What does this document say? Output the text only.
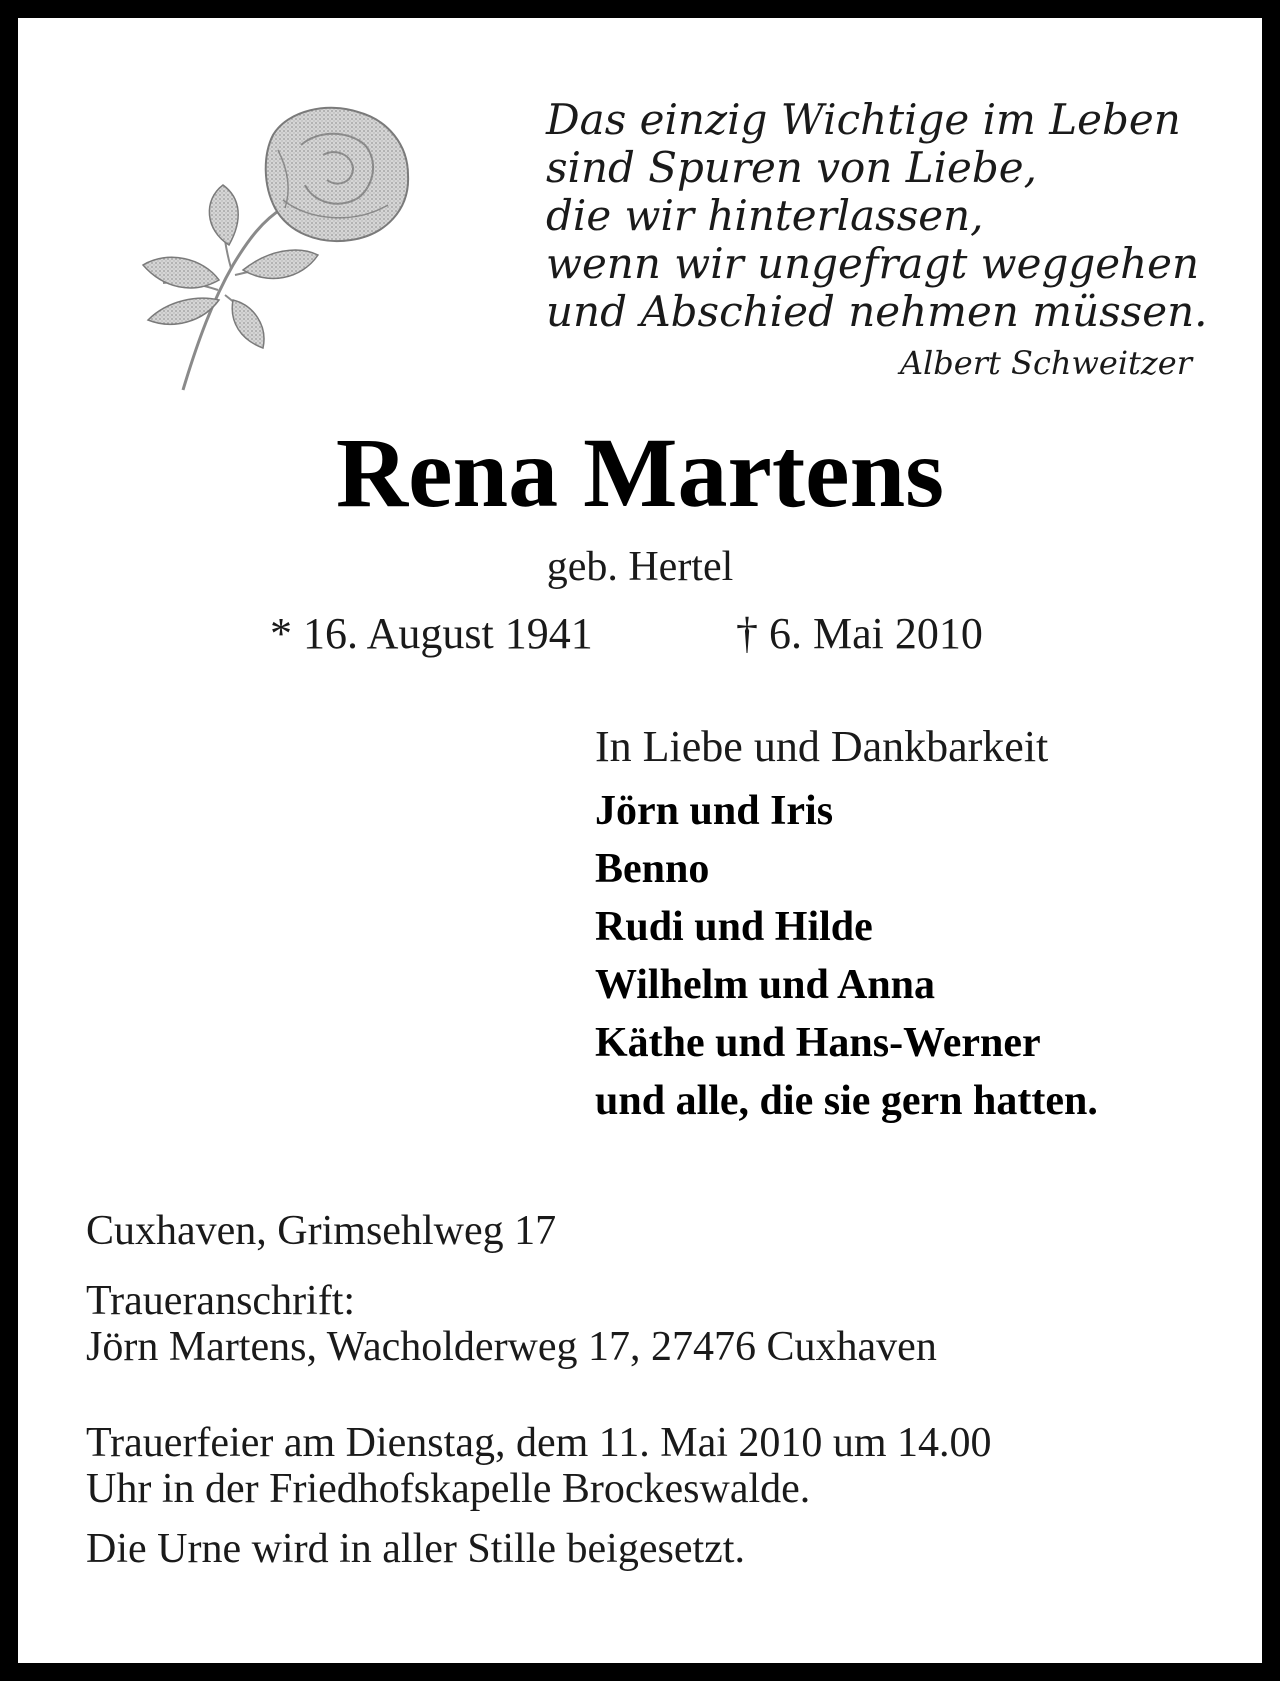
Das einzig Wichtige im Leben
sind Spuren von Liebe,
die wir hinterlassen,
wenn wir ungefragt weggehen
und Abschied nehmen müssen.
Albert Schweitzer
Rena Martens
geb. Hertel
* 16. August 1941	† 6. Mai 2010
In Liebe und Dankbarkeit
Jörn und Iris
Benno
Rudi und Hilde
Wilhelm und Anna
Käthe und Hans-Werner
und alle, die sie gern hatten.
Cuxhaven, Grimsehlweg 17
Traueranschrift:
Jörn Martens, Wacholderweg 17, 27476 Cuxhaven
Trauerfeier am Dienstag, dem 11. Mai 2010 um 14.00
Uhr in der Friedhofskapelle Brockeswalde.
Die Urne wird in aller Stille beigesetzt.
